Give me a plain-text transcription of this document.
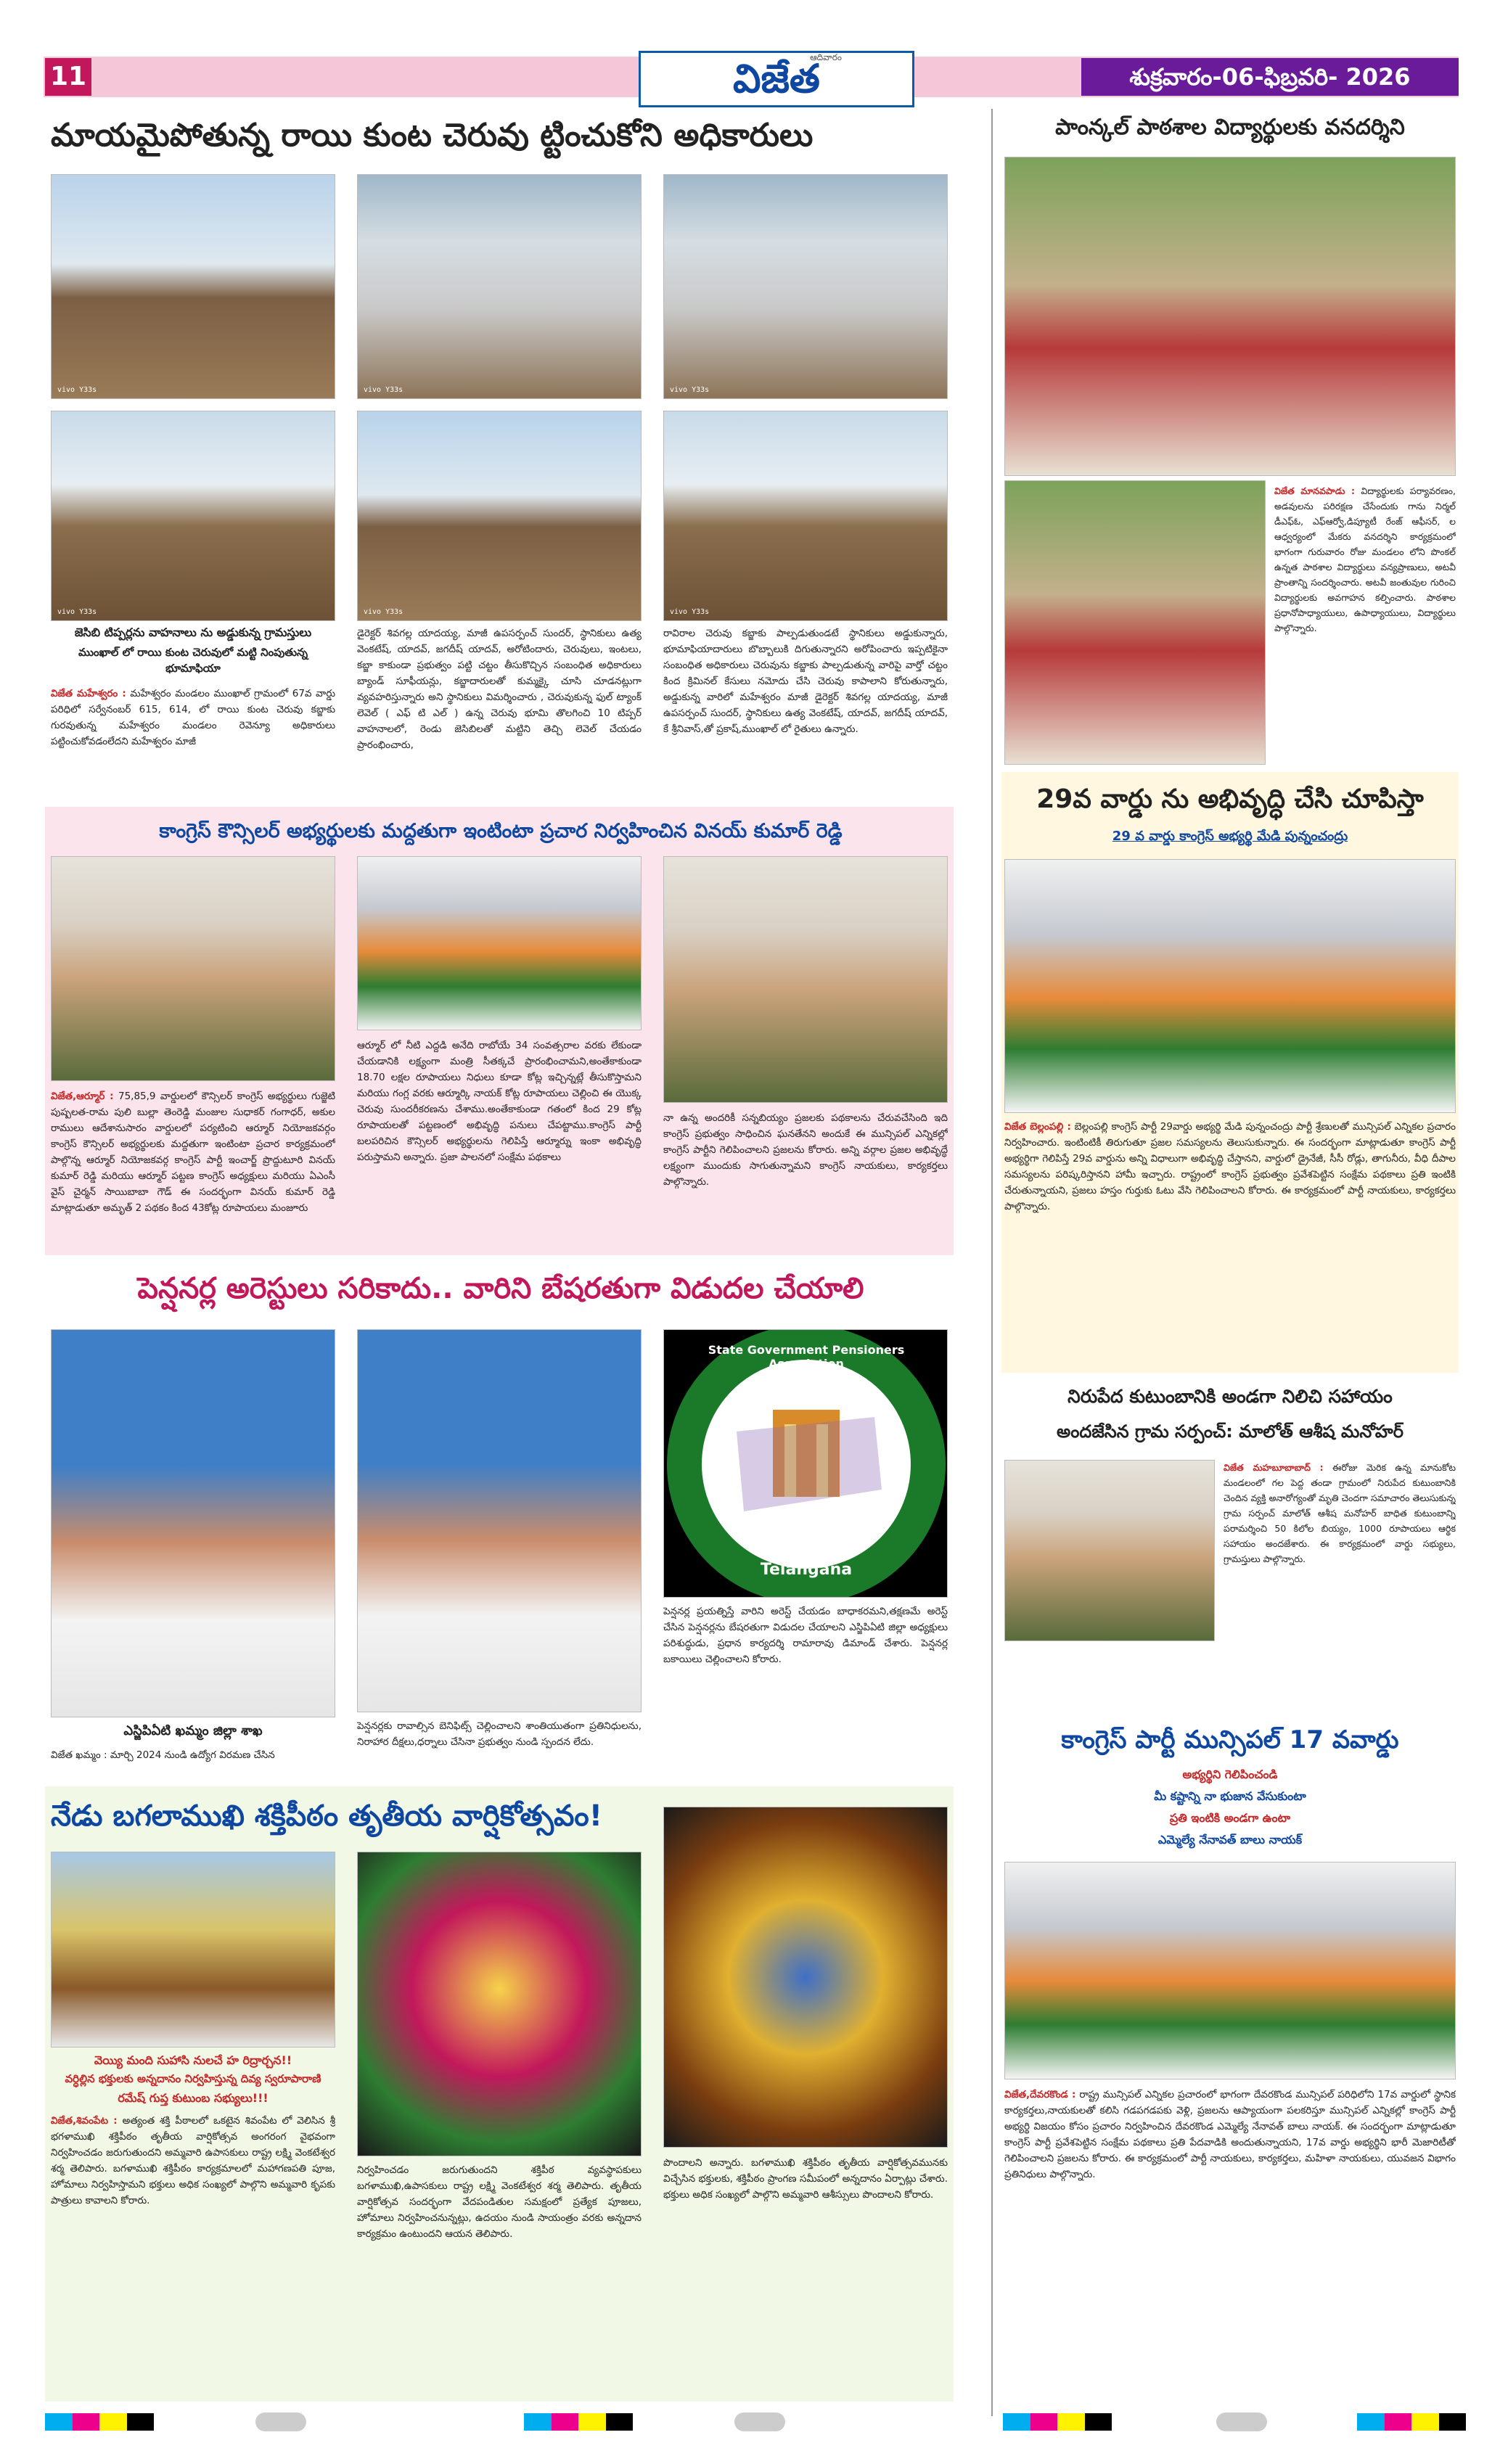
11	విజేత
ఆదివారం
శుక్రవారం-06-ఫిబ్రవరి- 2026
మాయమైపోతున్న రాయి కుంట చెరువు ట్టించుకోని అధికారులు
vivo Y33s	vivo Y33s	vivo Y33s
vivo Y33s	vivo Y33s	vivo Y33s
జెసిబి టిప్పర్లను వాహనాలు ను అడ్డుకున్న గ్రామస్తులు
ముంఖాల్ లో రాయి కుంట చెరువులో మట్టి నింపుతున్న భూమాఫియా
విజేత మహేశ్వరం : మహేశ్వరం మండలం ముంఖాల్ గ్రామంలో 67వ వార్డు పరిధిలో సర్వేనంబర్ 615, 614, లో రాయి కుంట చెరువు కబ్జాకు గురవుతున్న మహేశ్వరం మండలం రెవెన్యూ అధికారులు పట్టించుకోవడంలేదని మహేశ్వరం మాజీ
డైరెక్టర్ శివగల్ల యాదయ్య, మాజీ ఉపసర్పంచ్ సుందర్, స్థానికులు ఉత్య వెంకటేష్, యాదవ్, జగదీష్ యాదవ్, అరోటిందారు, చెరువులు, ఇంటలు, కబ్జా కాకుండా ప్రభుత్వం పట్టి చట్టం తీసుకొచ్చిన సంబంధిత అధికారులు బ్యాండ్ సూఫీయన్లు, కబ్జాదారులతో కుమ్మక్కై చూసి చూడనట్లుగా వ్యవహరిస్తున్నారు అని స్థానికులు విమర్శించారు , చెరువుకున్న ఫుల్ ట్యాంక్ లెవెల్ ( ఎఫ్ టి ఎల్ ) ఉన్న చెరువు భూమి తొలగించి 10 టిప్పర్ వాహనాలలో, రెండు జెసిబిలతో మట్టిని తెచ్చి లెవెల్ చేయడం ప్రారంభించారు,
రావిరాల చెరువు కబ్జాకు పాల్పడుతుండటే స్థానికులు అడ్డుకున్నారు, భూమాఫియాదారులు బొబ్బాలుకి దిగుతున్నారని అరోపించారు ఇప్పటికైనా సంబంధిత అధికారులు చెరువును కబ్జాకు పాల్పడుతున్న వారిపై వార్తో చట్టం కింద క్రిమినల్ కేసులు నమోదు చేసి చెరువు కాపాలాని కోరుతున్నారు, అడ్డుకున్న వారిలో మహేశ్వరం మాజీ డైరెక్టర్ శివగల్ల యాదయ్య, మాజీ ఉపసర్పంచ్ సుందర్, స్థానికులు ఉత్య వెంకటేష్, యాదవ్, జగదీష్ యాదవ్, కే శ్రీనివాస్,తో ప్రకాష్,ముంఖాల్ లో రైతులు ఉన్నారు.
కాంగ్రెస్ కౌన్సిలర్ అభ్యర్థులకు మద్దతుగా ఇంటింటా ప్రచార నిర్వహించిన వినయ్ కుమార్ రెడ్డి
విజేత,ఆర్మూర్ : 75,85,9 వార్డులలో కౌన్సిలర్ కాంగ్రెస్ అభ్యర్థులు గుజ్జెటి పుష్పలత-రామ పులి బుల్లా తెంరెడ్డి మంజుల సుధాకర్ గంగాధర్, అకుల రాములు ఆదేశానుసారం వార్డులలో పర్యటించి ఆర్మూర్ నియోజకవర్గం కాంగ్రెస్ కౌన్సిలర్ అభ్యర్థులకు మద్దతుగా ఇంటింటా ప్రచార కార్యక్రమంలో పాల్గొన్న ఆర్మూర్ నియోజకవర్గ కాంగ్రెస్ పార్టీ ఇంచార్జ్ ప్రొద్దుటూరి వినయ్ కుమార్ రెడ్డి మరియు ఆర్మూర్ పట్టణ కాంగ్రెస్ అధ్యక్షులు మరియు ఏఎంసీ వైస్ చైర్మన్ సాయిబాబా గౌడ్ ఈ సందర్భంగా వినయ్ కుమార్ రెడ్డి మాట్లాడుతూ అమృత్ 2 పథకం కింద 43కోట్ల రూపాయలు మంజూరు
ఆర్మూర్ లో నీటి ఎద్దడి అనేది రాబోయే 34 సంవత్సరాల వరకు లేకుండా చేయడానికి లక్ష్యంగా మంత్రి సీతక్కచే ప్రారంభించామని,అంతేకాకుండా 18.70 లక్షల రూపాయలు నిధులు కూడా కోట్ల ఇచ్చిన్నట్లే తీసుకొస్తామని మరియు గంగ్ల వరకు ఆర్మూర్కి నాయక్ కోట్ల రూపాయలు చెల్లించి ఈ యొక్క చెరువు సుందరీకరణను చేశాము.అంతేకాకుండా గతంలో కింద 29 కోట్ల రూపాయలతో పట్టణంలో అభివృద్ధి పనులు చేపట్టాము.కాంగ్రెస్ పార్టీ బలపరిచిన కౌన్సిలర్ అభ్యర్థులను గెలిపిస్తే ఆర్మూర్ను ఇంకా అభివృద్ధి పరుస్తామని అన్నారు. ప్రజా పాలనలో సంక్షేమ పథకాలు
నా ఉన్న అందరికీ సన్నబియ్యం ప్రజలకు పథకాలను చేరువచేసింది ఇది కాంగ్రెస్ ప్రభుత్వం సాధించిన ఘనతేనని అందుకే ఈ మున్సిపల్ ఎన్నికల్లో కాంగ్రెస్ పార్టీని గెలిపించాలని ప్రజలను కోరారు. అన్ని వర్గాల ప్రజల అభివృద్ధే లక్ష్యంగా ముందుకు సాగుతున్నామని కాంగ్రెస్ నాయకులు, కార్యకర్తలు పాల్గొన్నారు.
పెన్షనర్ల అరెస్టులు సరికాదు.. వారిని బేషరతుగా విడుదల చేయాలి
ఎస్జిపిఏటి ఖమ్మం జిల్లా శాఖ
State Government Pensioners Association
Telangana
విజేత ఖమ్మం : మార్చి 2024 నుండి ఉద్యోగ విరమణ చేసిన
పెన్షనర్లకు రావాల్సిన బెనిఫిట్స్ చెల్లించాలని శాంతియుతంగా ప్రతినిధులను, నిరాహార దీక్షలు,ధర్నాలు చేసినా ప్రభుత్వం నుండి స్పందన లేదు.
పెన్షనర్ల ప్రయత్నిస్తే వారిని అరెస్ట్ చేయడం బాధాకరమని,తక్షణమే అరెస్ట్ చేసిన పెన్షనర్లను బేషరతుగా విడుదల చేయాలని ఎస్జిపిఏటి జిల్లా అధ్యక్షులు పరిశుద్ధుడు, ప్రధాన కార్యదర్శి రామారావు డిమాండ్ చేశారు. పెన్షనర్ల బకాయిలు చెల్లించాలని కోరారు.
నేడు బగలాముఖి శక్తిపీఠం తృతీయ వార్షికోత్సవం!
వెయ్యి మంది సుహాసి నులచే హ రిద్రార్చన!!
వర్ధిల్లిన భక్తులకు అన్నదానం నిర్వహిస్తున్న దివ్య స్వరూపారాణి
రమేష్ గుప్త కుటుంబ సభ్యులు!!!
విజేత,శివంపేట : అత్యంత శక్తి పీఠాలలో ఒకటైన శివంపేట లో వెలిసిన శ్రీ భగళాముఖి శక్తిపీఠం తృతీయ వార్షికోత్సవ అంగరంగ వైభవంగా నిర్వహించడం జరుగుతుందని అమ్మవారి ఉపాసకులు రాష్ట్ర లక్ష్మి వెంకటేశ్వర శర్మ తెలిపారు. బగళాముఖి శక్తిపీఠం కార్యక్రమాలలో మహాగణపతి పూజ, హోమాలు నిర్వహిస్తామని భక్తులు అధిక సంఖ్యలో పాల్గొని అమ్మవారి కృపకు పాత్రులు కావాలని కోరారు.
నిర్వహించడం జరుగుతుందని శక్తిపీఠ వ్యవస్థాపకులు బగళాముఖి,ఉపాసకులు రాష్ట్ర లక్ష్మి వెంకటేశ్వర శర్మ తెలిపారు. తృతీయ వార్షికోత్సవ సందర్భంగా వేదపండితుల సమక్షంలో ప్రత్యేక పూజలు, హోమాలు నిర్వహించనున్నట్లు, ఉదయం నుండి సాయంత్రం వరకు అన్నదాన కార్యక్రమం ఉంటుందని ఆయన తెలిపారు.
పొందాలని అన్నారు. బగళాముఖి శక్తిపీఠం తృతీయ వార్షికోత్సవమునకు విచ్చేసిన భక్తులకు, శక్తిపీఠం ప్రాంగణ సమీపంలో అన్నదానం ఏర్పాట్లు చేశారు. భక్తులు అధిక సంఖ్యలో పాల్గొని అమ్మవారి ఆశీస్సులు పొందాలని కోరారు.
పాంన్కల్ పాఠశాల విద్యార్థులకు వనదర్శిని
విజేత మానవపాడు : విద్యార్థులకు పర్యావరణం, అడవులను పరిరక్షణ చేసేందుకు గాను నిర్మల్ డీఎఫ్ఓ, ఎఫ్ఆర్వో,డిప్యూటీ రేంజ్ ఆఫీసర్, ల ఆధ్వర్యంలో మేకరు వనదర్శిని కార్యక్రమంలో భాగంగా గురువారం రోజు మండలం లోని పొంకల్ ఉన్నత పాఠశాల విద్యార్థులు వన్యప్రాణులు, అటవీ ప్రాంతాన్ని సందర్శించారు. అటవీ జంతువుల గురించి విద్యార్థులకు అవగాహన కల్పించారు. పాఠశాల ప్రధానోపాధ్యాయులు, ఉపాధ్యాయులు, విద్యార్థులు పాల్గొన్నారు.
29వ వార్డు ను అభివృద్ధి చేసి చూపిస్తా
29 వ వార్డు కాంగ్రెస్ అభ్యర్థి మేడి పున్నంచంద్రు
విజేత బెల్లంపల్లి : బెల్లంపల్లి కాంగ్రెస్ పార్టీ 29వార్డు అభ్యర్థి మేడి పున్నంచంద్రు పార్టీ శ్రేణులతో మున్సిపల్ ఎన్నికల ప్రచారం నిర్వహించారు. ఇంటింటికీ తిరుగుతూ ప్రజల సమస్యలను తెలుసుకున్నారు. ఈ సందర్భంగా మాట్లాడుతూ కాంగ్రెస్ పార్టీ అభ్యర్థిగా గెలిపిస్తే 29వ వార్డును అన్ని విధాలుగా అభివృద్ధి చేస్తానని, వార్డులో డ్రైనేజీ, సీసీ రోడ్లు, తాగునీరు, వీధి దీపాల సమస్యలను పరిష్కరిస్తానని హామీ ఇచ్చారు. రాష్ట్రంలో కాంగ్రెస్ ప్రభుత్వం ప్రవేశపెట్టిన సంక్షేమ పథకాలు ప్రతి ఇంటికి చేరుతున్నాయని, ప్రజలు హస్తం గుర్తుకు ఓటు వేసి గెలిపించాలని కోరారు. ఈ కార్యక్రమంలో పార్టీ నాయకులు, కార్యకర్తలు పాల్గొన్నారు.
నిరుపేద కుటుంబానికి అండగా నిలిచి సహాయం
అందజేసిన గ్రామ సర్పంచ్: మాలోత్ ఆశీష మనోహర్
విజేత మహబూబాబాద్ : ఈరోజు మెరిక ఉన్న మానుకోట మండలంలో గల పెద్ద తండా గ్రామంలో నిరుపేద కుటుంబానికి చెందిన వ్యక్తి అనారోగ్యంతో మృతి చెందగా సమాచారం తెలుసుకున్న గ్రామ సర్పంచ్ మాలోత్ ఆశీష మనోహర్ బాధిత కుటుంబాన్ని పరామర్శించి 50 కిలోల బియ్యం, 1000 రూపాయలు ఆర్థిక సహాయం అందజేశారు. ఈ కార్యక్రమంలో వార్డు సభ్యులు, గ్రామస్తులు పాల్గొన్నారు.
కాంగ్రెస్ పార్టీ మున్సిపల్ 17 వవార్డు
అభ్యర్థిని గెలిపించండి
మీ కష్టాన్ని నా భుజాన వేసుకుంటా
ప్రతి ఇంటికి అండగా ఉంటా
ఎమ్మెల్యే నేనావత్ బాలు నాయక్
విజేత,దేవరకొండ : రాష్ట్ర మున్సిపల్ ఎన్నికల ప్రచారంలో భాగంగా దేవరకొండ మున్సిపల్ పరిధిలోని 17వ వార్డులో స్థానిక కార్యకర్తలు,నాయకులతో కలిసి గడపగడపకు వెళ్లి, ప్రజలను ఆప్యాయంగా పలకరిస్తూ మున్సిపల్ ఎన్నికల్లో కాంగ్రెస్ పార్టీ అభ్యర్థి విజయం కోసం ప్రచారం నిర్వహించిన దేవరకొండ ఎమ్మెల్యే నేనావత్ బాలు నాయక్. ఈ సందర్భంగా మాట్లాడుతూ కాంగ్రెస్ పార్టీ ప్రవేశపెట్టిన సంక్షేమ పథకాలు ప్రతి పేదవాడికి అందుతున్నాయని, 17వ వార్డు అభ్యర్థిని భారీ మెజారిటీతో గెలిపించాలని ప్రజలను కోరారు. ఈ కార్యక్రమంలో పార్టీ నాయకులు, కార్యకర్తలు, మహిళా నాయకులు, యువజన విభాగం ప్రతినిధులు పాల్గొన్నారు.
